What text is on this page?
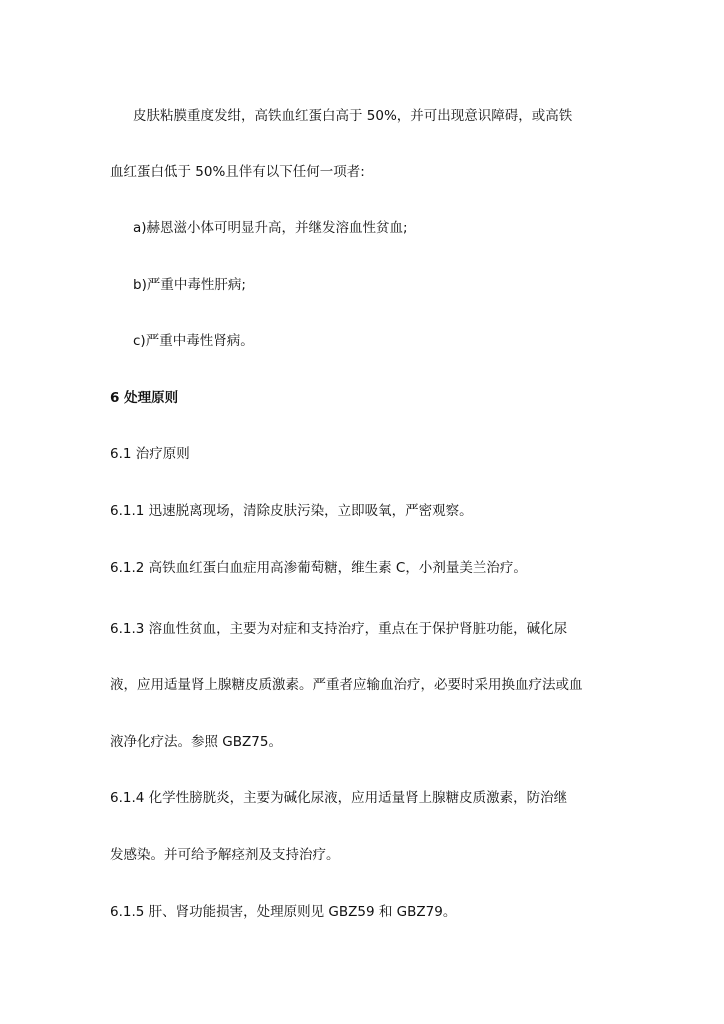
皮肤粘膜重度发绀，高铁血红蛋白高于 50%，并可出现意识障碍，或高铁
血红蛋白低于 50%且伴有以下任何一项者:
a)赫恩滋小体可明显升高，并继发溶血性贫血;
b)严重中毒性肝病;
c)严重中毒性肾病。
6 处理原则
6.1 治疗原则
6.1.1 迅速脱离现场，清除皮肤污染，立即吸氧，严密观察。
6.1.2 高铁血红蛋白血症用高渗葡萄糖，维生素 C，小剂量美兰治疗。
6.1.3 溶血性贫血，主要为对症和支持治疗，重点在于保护肾脏功能，碱化尿
液，应用适量肾上腺糖皮质激素。严重者应输血治疗，必要时采用换血疗法或血
液净化疗法。参照 GBZ75。
6.1.4 化学性膀胱炎，主要为碱化尿液，应用适量肾上腺糖皮质激素，防治继
发感染。并可给予解痉剂及支持治疗。
6.1.5 肝、肾功能损害，处理原则见 GBZ59 和 GBZ79。
